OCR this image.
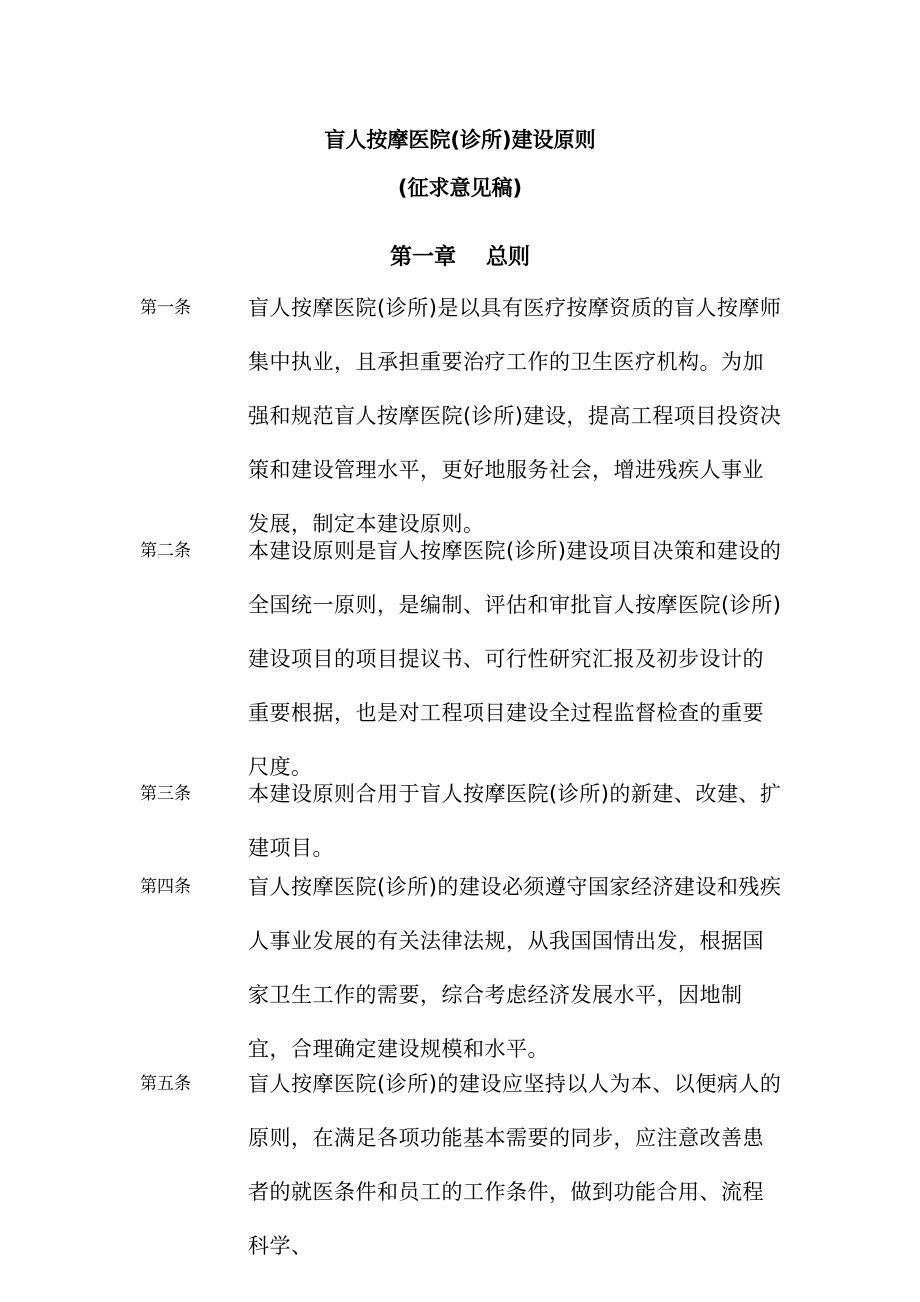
盲人按摩医院(诊所)建设原则
(征求意见稿)
第一章 总则
第一条	盲人按摩医院(诊所)是以具有医疗按摩资质的盲人按摩师集中执业，且承担重要治疗工作的卫生医疗机构。为加强和规范盲人按摩医院(诊所)建设，提高工程项目投资决策和建设管理水平，更好地服务社会，增进残疾人事业发展，制定本建设原则。
第二条	本建设原则是盲人按摩医院(诊所)建设项目决策和建设的全国统一原则，是编制、评估和审批盲人按摩医院(诊所)建设项目的项目提议书、可行性研究汇报及初步设计的重要根据，也是对工程项目建设全过程监督检查的重要尺度。
第三条	本建设原则合用于盲人按摩医院(诊所)的新建、改建、扩建项目。
第四条	盲人按摩医院(诊所)的建设必须遵守国家经济建设和残疾人事业发展的有关法律法规，从我国国情出发，根据国家卫生工作的需要，综合考虑经济发展水平，因地制宜，合理确定建设规模和水平。
第五条	盲人按摩医院(诊所)的建设应坚持以人为本、以便病人的原则，在满足各项功能基本需要的同步，应注意改善患者的就医条件和员工的工作条件，做到功能合用、流程科学、
